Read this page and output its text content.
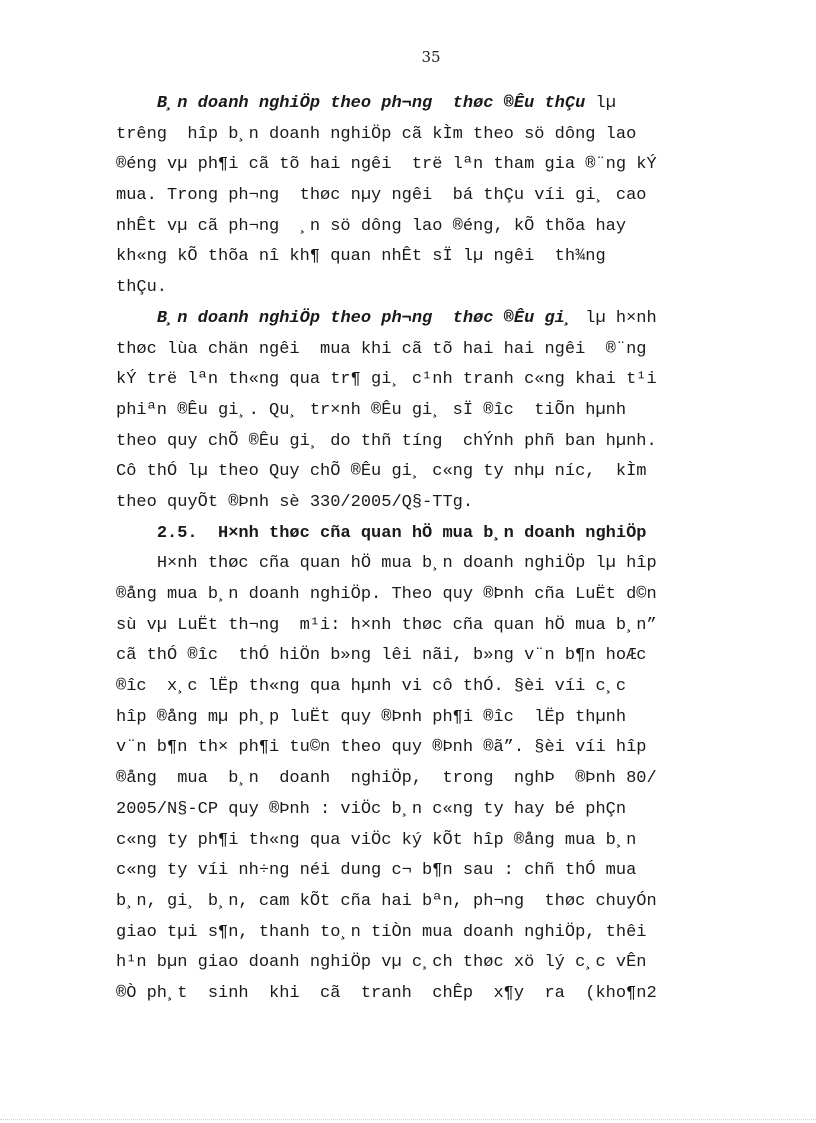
35
B¸n doanh nghiÖp theo ph¬ng  thøc ®Êu thÇu lµ
trêng  hîp b¸n doanh nghiÖp cã kÌm theo sö dông lao
®éng vµ ph¶i cã tõ hai ngêi  trë lªn tham gia ®¨ng kÝ
mua. Trong ph¬ng  thøc nµy ngêi  bá thÇu víi gi¸ cao
nhÊt vµ cã ph¬ng  ¸n sö dông lao ®éng, kÕ thõa hay
kh«ng kÕ thõa nî kh¶ quan nhÊt sÏ lµ ngêi  th¾ng
thÇu.
B¸n doanh nghiÖp theo ph¬ng  thøc ®Êu gi¸ lµ h×nh
thøc lùa chän ngêi  mua khi cã tõ hai hai ngêi  ®¨ng
kÝ trë lªn th«ng qua tr¶ gi¸ c¹nh tranh c«ng khai t¹i
phiªn ®Êu gi¸. Qu¸ tr×nh ®Êu gi¸ sÏ ®îc  tiÕn hµnh
theo quy chÕ ®Êu gi¸ do thñ tíng  chÝnh phñ ban hµnh.
Cô thÓ lµ theo Quy chÕ ®Êu gi¸ c«ng ty nhµ níc,  kÌm
theo quyÕt ®Þnh sè 330/2005/Q§-TTg.
2.5.  H×nh thøc cña quan hÖ mua b¸n doanh nghiÖp
H×nh thøc cña quan hÖ mua b¸n doanh nghiÖp lµ hîp
®ång mua b¸n doanh nghiÖp. Theo quy ®Þnh cña LuËt d©n
sù vµ LuËt th¬ng  m¹i: h×nh thøc cña quan hÖ mua b¸n”
cã thÓ ®îc  thÓ hiÖn b»ng lêi nãi, b»ng v¨n b¶n hoÆc
®îc  x¸c lËp th«ng qua hµnh vi cô thÓ. §èi víi c¸c
hîp ®ång mµ ph¸p luËt quy ®Þnh ph¶i ®îc  lËp thµnh
v¨n b¶n th× ph¶i tu©n theo quy ®Þnh ®ã”. §èi víi hîp
®ång  mua  b¸n  doanh  nghiÖp,  trong  nghÞ  ®Þnh 80/
2005/N§-CP quy ®Þnh : viÖc b¸n c«ng ty hay bé phÇn
c«ng ty ph¶i th«ng qua viÖc ký kÕt hîp ®ång mua b¸n
c«ng ty víi nh÷ng néi dung c¬ b¶n sau : chñ thÓ mua
b¸n, gi¸ b¸n, cam kÕt cña hai bªn, ph¬ng  thøc chuyÓn
giao tµi s¶n, thanh to¸n tiÒn mua doanh nghiÖp, thêi
h¹n bµn giao doanh nghiÖp vµ c¸ch thøc xö lý c¸c vÊn
®Ò ph¸t  sinh  khi  cã  tranh  chÊp  x¶y  ra  (kho¶n2
